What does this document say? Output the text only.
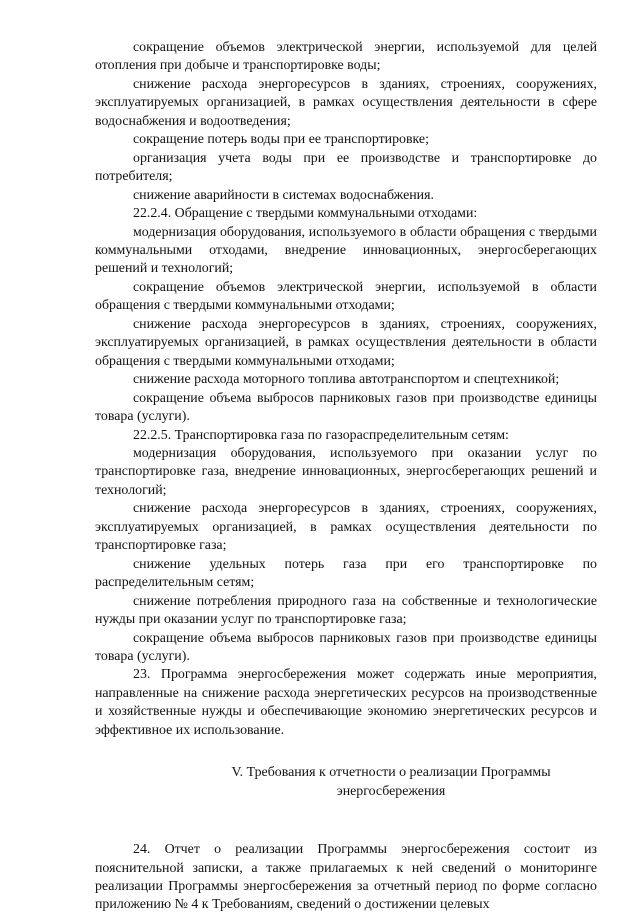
сокращение объемов электрической энергии, используемой для целей отопления при добыче и транспортировке воды;

снижение расхода энергоресурсов в зданиях, строениях, сооружениях, эксплуатируемых организацией, в рамках осуществления деятельности в сфере водоснабжения и водоотведения;

сокращение потерь воды при ее транспортировке;

организация учета воды при ее производстве и транспортировке до потребителя;

снижение аварийности в системах водоснабжения.

22.2.4. Обращение с твердыми коммунальными отходами:

модернизация оборудования, используемого в области обращения с твердыми коммунальными отходами, внедрение инновационных, энергосберегающих решений и технологий;

сокращение объемов электрической энергии, используемой в области обращения с твердыми коммунальными отходами;

снижение расхода энергоресурсов в зданиях, строениях, сооружениях, эксплуатируемых организацией, в рамках осуществления деятельности в области обращения с твердыми коммунальными отходами;

снижение расхода моторного топлива автотранспортом и спецтехникой;

сокращение объема выбросов парниковых газов при производстве единицы товара (услуги).

22.2.5. Транспортировка газа по газораспределительным сетям:

модернизация оборудования, используемого при оказании услуг по транспортировке газа, внедрение инновационных, энергосберегающих решений и технологий;

снижение расхода энергоресурсов в зданиях, строениях, сооружениях, эксплуатируемых организацией, в рамках осуществления деятельности по транспортировке газа;

снижение удельных потерь газа при его транспортировке по распределительным сетям;

снижение потребления природного газа на собственные и технологические нужды при оказании услуг по транспортировке газа;

сокращение объема выбросов парниковых газов при производстве единицы товара (услуги).

23. Программа энергосбережения может содержать иные мероприятия, направленные на снижение расхода энергетических ресурсов на производственные и хозяйственные нужды и обеспечивающие экономию энергетических ресурсов и эффективное их использование.

V. Требования к отчетности о реализации Программы

энергосбережения

24. Отчет о реализации Программы энергосбережения состоит из пояснительной записки, а также прилагаемых к ней сведений о мониторинге реализации Программы энергосбережения за отчетный период по форме согласно приложению № 4 к Требованиям, сведений о достижении целевых
